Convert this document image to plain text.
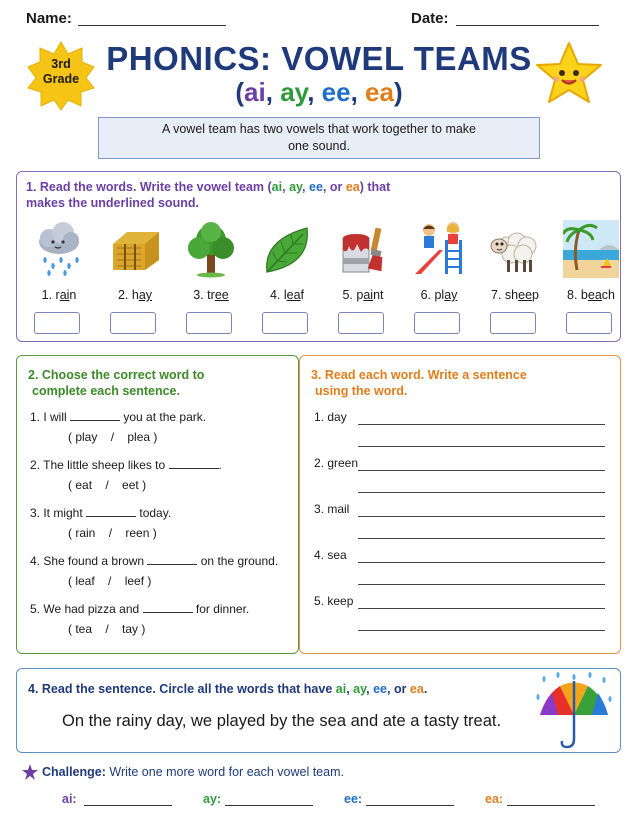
Name:	Date:
3rd
Grade
PHONICS: VOWEL TEAMS
(ai, ay, ee, ea)
A vowel team has two vowels that work together to make
one sound.
1. Read the words. Write the vowel team (ai, ay, ee, or ea) that
makes the underlined sound.
1. rain	2. hay	3. tree	4. leaf	5. paint	6. play	7. sheep	8. beach
2. Choose the correct word to
complete each sentence.
1. I will	you at the park.
( play    /    plea )
2. The little sheep likes to	.
( eat    /    eet )
3. It might	today.
( rain    /    reen )
4. She found a brown	on the ground.
( leaf    /    leef )
5. We had pizza and	for dinner.
( tea    /    tay )
3. Read each word. Write a sentence
using the word.
1. day
2. green
3. mail
4. sea
5. keep
4. Read the sentence. Circle all the words that have ai, ay, ee, or ea.
On the rainy day, we played by the sea and ate a tasty treat.
Challenge: Write one more word for each vowel team.
ai:	ay:	ee:	ea:
